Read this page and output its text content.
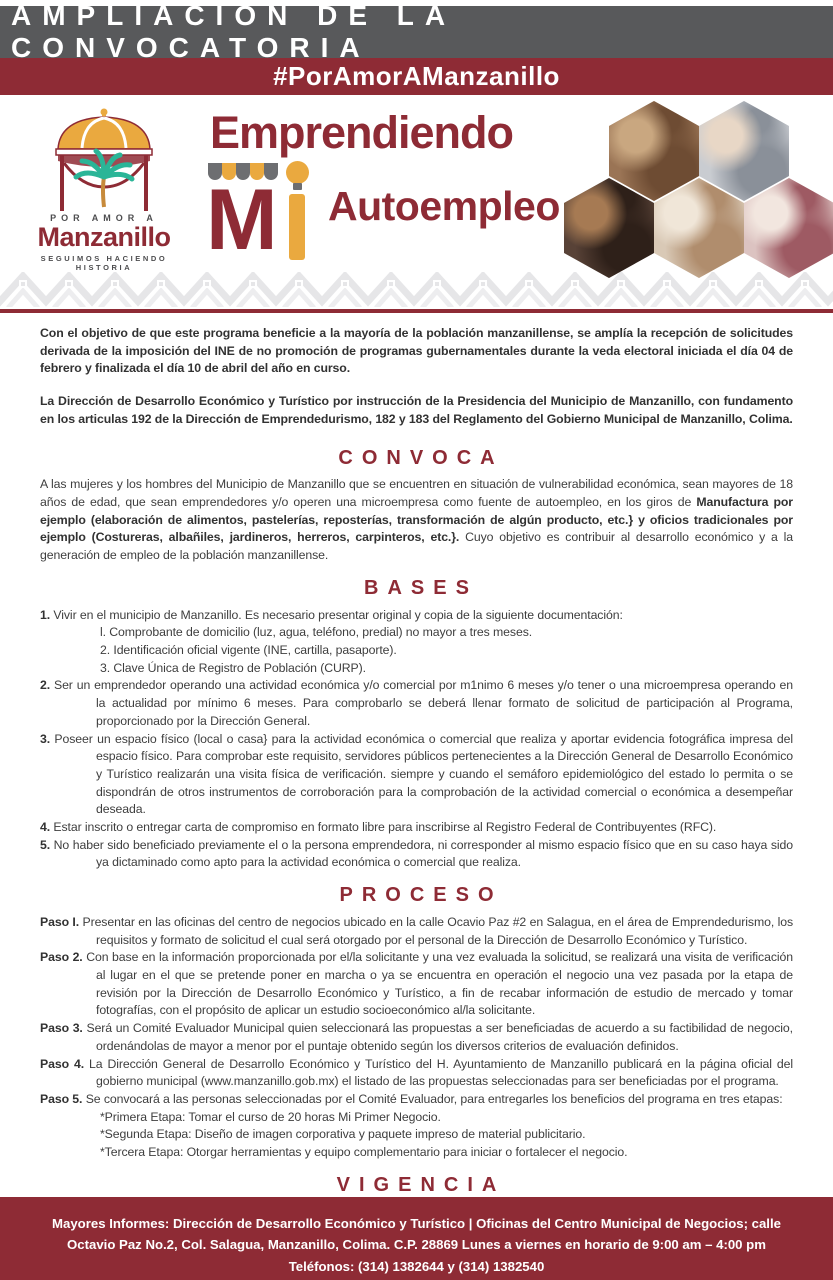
AMPLIACIÓN DE LA CONVOCATORIA
#PorAmorAManzanillo
POR AMOR A
Manzanillo
SEGUIMOS HACIENDO HISTORIA
Emprendiendo
M Autoempleo

Con el objetivo de que este programa beneficie a la mayoría de la población manzanillense, se amplía la recepción de solicitudes derivada de la imposición del INE de no promoción de programas gubernamentales durante la veda electoral iniciada el día 04 de febrero y finalizada el día 10 de abril del año en curso.

La Dirección de Desarrollo Económico y Turístico por instrucción de la Presidencia del Municipio de Manzanillo, con fundamento en los articulas 192 de la Dirección de Emprendedurismo, 182 y 183 del Reglamento del Gobierno Municipal de Manzanillo, Colima.

CONVOCA

A las mujeres y los hombres del Municipio de Manzanillo que se encuentren en situación de vulnerabilidad económica, sean mayores de 18 años de edad, que sean emprendedores y/o operen una microempresa como fuente de autoempleo, en los giros de Manufactura por ejemplo (elaboración de alimentos, pastelerías, reposterías, transformación de algún producto, etc.} y oficios tradicionales por ejemplo (Costureras, albañiles, jardineros, herreros, carpinteros, etc.}. Cuyo objetivo es contribuir al desarrollo económico y a la generación de empleo de la población manzanillense.

BASES
1. Vivir en el municipio de Manzanillo. Es necesario presentar original y copia de la siguiente documentación:
l. Comprobante de domicilio (luz, agua, teléfono, predial) no mayor a tres meses.
2. Identificación oficial vigente (INE, cartilla, pasaporte).
3. Clave Única de Registro de Población (CURP).
2. Ser un emprendedor operando una actividad económica y/o comercial por m1nimo 6 meses y/o tener o una microempresa operando en la actualidad por mínimo 6 meses. Para comprobarlo se deberá llenar formato de solicitud de participación al Programa, proporcionado por la Dirección General.
3. Poseer un espacio físico (local o casa} para la actividad económica o comercial que realiza y aportar evidencia fotográfica impresa del espacio físico. Para comprobar este requisito, servidores públicos pertenecientes a la Dirección General de Desarrollo Económico y Turístico realizarán una visita física de verificación. siempre y cuando el semáforo epidemiológico del estado lo permita o se dispondrán de otros instrumentos de corroboración para la comprobación de la actividad comercial o económica a desempeñar deseada.
4. Estar inscrito o entregar carta de compromiso en formato libre para inscribirse al Registro Federal de Contribuyentes (RFC).
5. No haber sido beneficiado previamente el o la persona emprendedora, ni corresponder al mismo espacio físico que en su caso haya sido ya dictaminado como apto para la actividad económica o comercial que realiza.
PROCESO
Paso I. Presentar en las oficinas del centro de negocios ubicado en la calle Ocavio Paz #2 en Salagua, en el área de Emprendedurismo, los requisitos y formato de solicitud el cual será otorgado por el personal de la Dirección de Desarrollo Económico y Turístico.
Paso 2. Con base en la información proporcionada por el/la solicitante y una vez evaluada la solicitud, se realizará una visita de verificación al lugar en el que se pretende poner en marcha o ya se encuentra en operación el negocio una vez pasada por la etapa de revisión por la Dirección de Desarrollo Económico y Turístico, a fin de recabar información de estudio de mercado y tomar fotografías, con el propósito de aplicar un estudio socioeconómico al/la solicitante.
Paso 3. Será un Comité Evaluador Municipal quien seleccionará las propuestas a ser beneficiadas de acuerdo a su factibilidad de negocio, ordenándolas de mayor a menor por el puntaje obtenido según los diversos criterios de evaluación definidos.
Paso 4. La Dirección General de Desarrollo Económico y Turístico del H. Ayuntamiento de Manzanillo publicará en la página oficial del gobierno municipal (www.manzanillo.gob.mx) el listado de las propuestas seleccionadas para ser beneficiadas por el programa.
Paso 5. Se convocará a las personas seleccionadas por el Comité Evaluador, para entregarles los beneficios del programa en tres etapas:
*Primera Etapa: Tomar el curso de 20 horas Mi Primer Negocio.
*Segunda Etapa: Diseño de imagen corporativa y paquete impreso de material publicitario.
*Tercera Etapa: Otorgar herramientas y equipo complementario para iniciar o fortalecer el negocio.
VIGENCIA

Mayores Informes: Dirección de Desarrollo Económico y Turístico | Oficinas del Centro Municipal de Negocios; calle
Octavio Paz No.2, Col. Salagua, Manzanillo, Colima. C.P. 28869 Lunes a viernes en horario de 9:00 am – 4:00 pm
Teléfonos: (314) 1382644 y (314) 1382540
